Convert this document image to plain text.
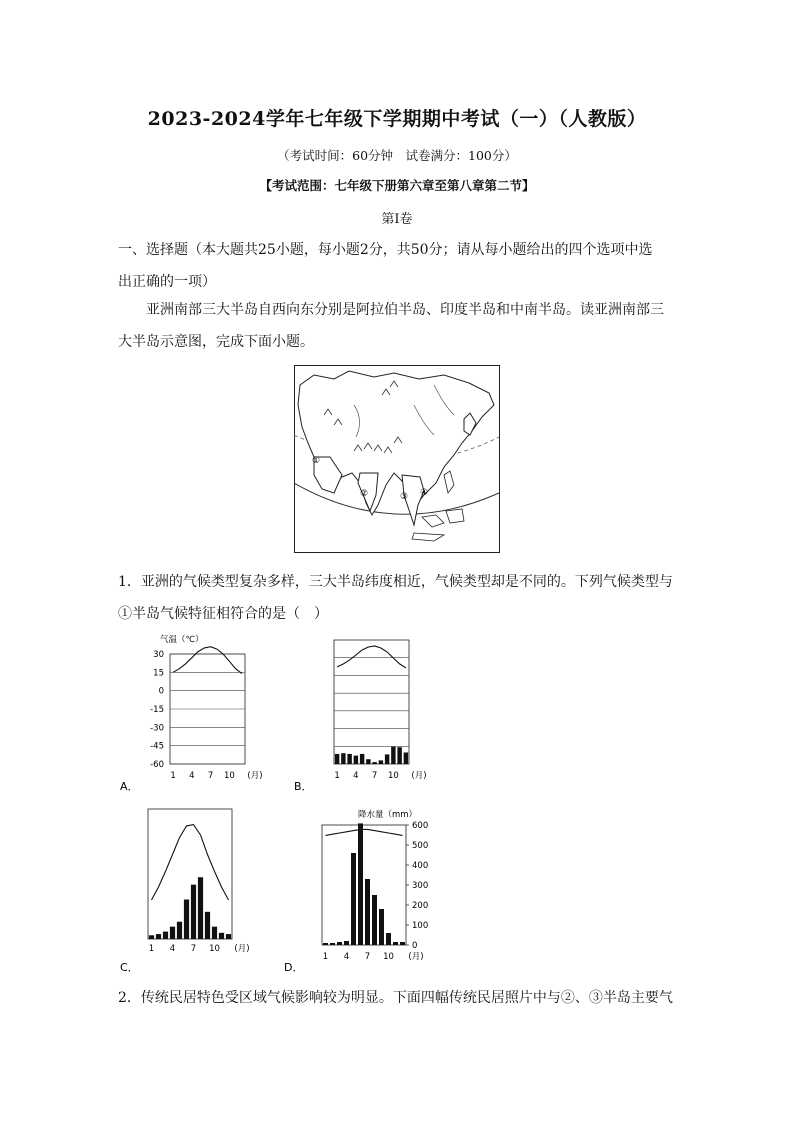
2023-2024学年七年级下学期期中考试（一）（人教版）
（考试时间：60分钟　试卷满分：100分）
【考试范围：七年级下册第六章至第八章第二节】
第Ⅰ卷
一、选择题（本大题共25小题，每小题2分，共50分；请从每小题给出的四个选项中选
出正确的一项）
亚洲南部三大半岛自西向东分别是阿拉伯半岛、印度半岛和中南半岛。读亚洲南部三
大半岛示意图，完成下面小题。
①
②	③ ④
1．亚洲的气候类型复杂多样，三大半岛纬度相近，气候类型却是不同的。下列气候类型与
①半岛气候特征相符合的是（　）
气温（℃）
30
15
0
-15
-30
-45
-60
1 4 7 10 (月)
A．
1 4 7 10 (月)
B．
1 4 7 10 (月)
C．
降水量（mm）
600
500
400
300
200
100
0
1 4 7 10 (月)
D．
2．传统民居特色受区域气候影响较为明显。下面四幅传统民居照片中与②、③半岛主要气
